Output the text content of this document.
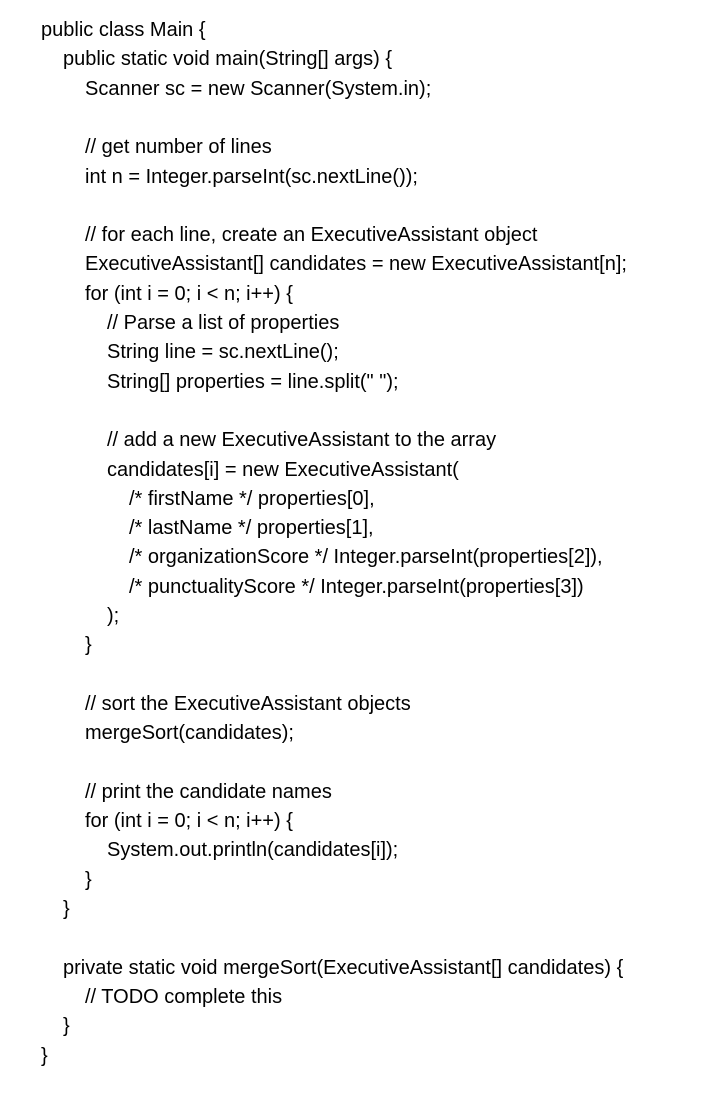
public class Main {
public static void main(String[] args) {
Scanner sc = new Scanner(System.in);
// get number of lines
int n = Integer.parseInt(sc.nextLine());
// for each line, create an ExecutiveAssistant object
ExecutiveAssistant[] candidates = new ExecutiveAssistant[n];
for (int i = 0; i < n; i++) {
// Parse a list of properties
String line = sc.nextLine();
String[] properties = line.split(" ");
// add a new ExecutiveAssistant to the array
candidates[i] = new ExecutiveAssistant(
/* firstName */ properties[0],
/* lastName */ properties[1],
/* organizationScore */ Integer.parseInt(properties[2]),
/* punctualityScore */ Integer.parseInt(properties[3])
);
}
// sort the ExecutiveAssistant objects
mergeSort(candidates);
// print the candidate names
for (int i = 0; i < n; i++) {
System.out.println(candidates[i]);
}
}
private static void mergeSort(ExecutiveAssistant[] candidates) {
// TODO complete this
}
}
